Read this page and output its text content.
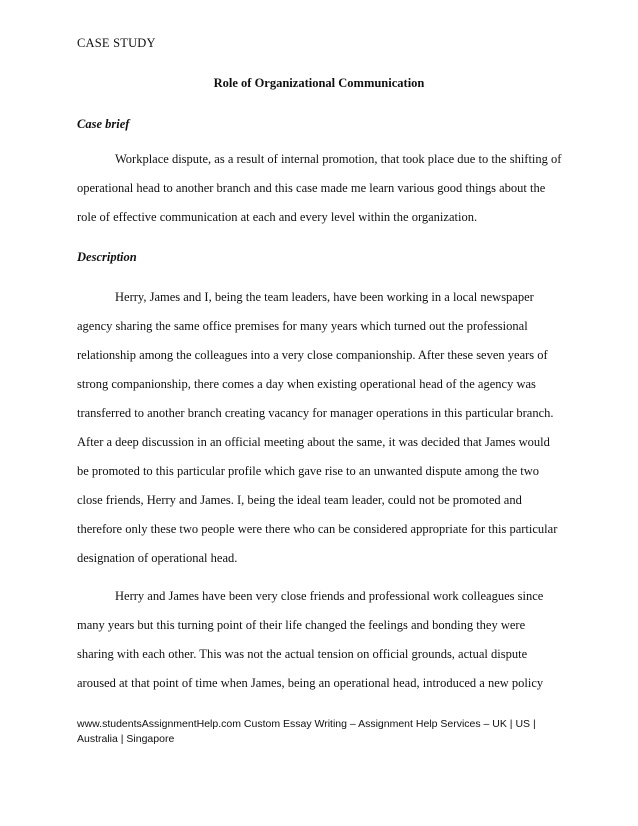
CASE STUDY
Role of Organizational Communication
Case brief
Workplace dispute, as a result of internal promotion, that took place due to the shifting of
operational head to another branch and this case made me learn various good things about the
role of effective communication at each and every level within the organization.
Description
Herry, James and I, being the team leaders, have been working in a local newspaper
agency sharing the same office premises for many years which turned out the professional
relationship among the colleagues into a very close companionship. After these seven years of
strong companionship, there comes a day when existing operational head of the agency was
transferred to another branch creating vacancy for manager operations in this particular branch.
After a deep discussion in an official meeting about the same, it was decided that James would
be promoted to this particular profile which gave rise to an unwanted dispute among the two
close friends, Herry and James. I, being the ideal team leader, could not be promoted and
therefore only these two people were there who can be considered appropriate for this particular
designation of operational head.
Herry and James have been very close friends and professional work colleagues since
many years but this turning point of their life changed the feelings and bonding they were
sharing with each other. This was not the actual tension on official grounds, actual dispute
aroused at that point of time when James, being an operational head, introduced a new policy
www.studentsAssignmentHelp.com Custom Essay Writing – Assignment Help Services – UK | US |
Australia | Singapore
